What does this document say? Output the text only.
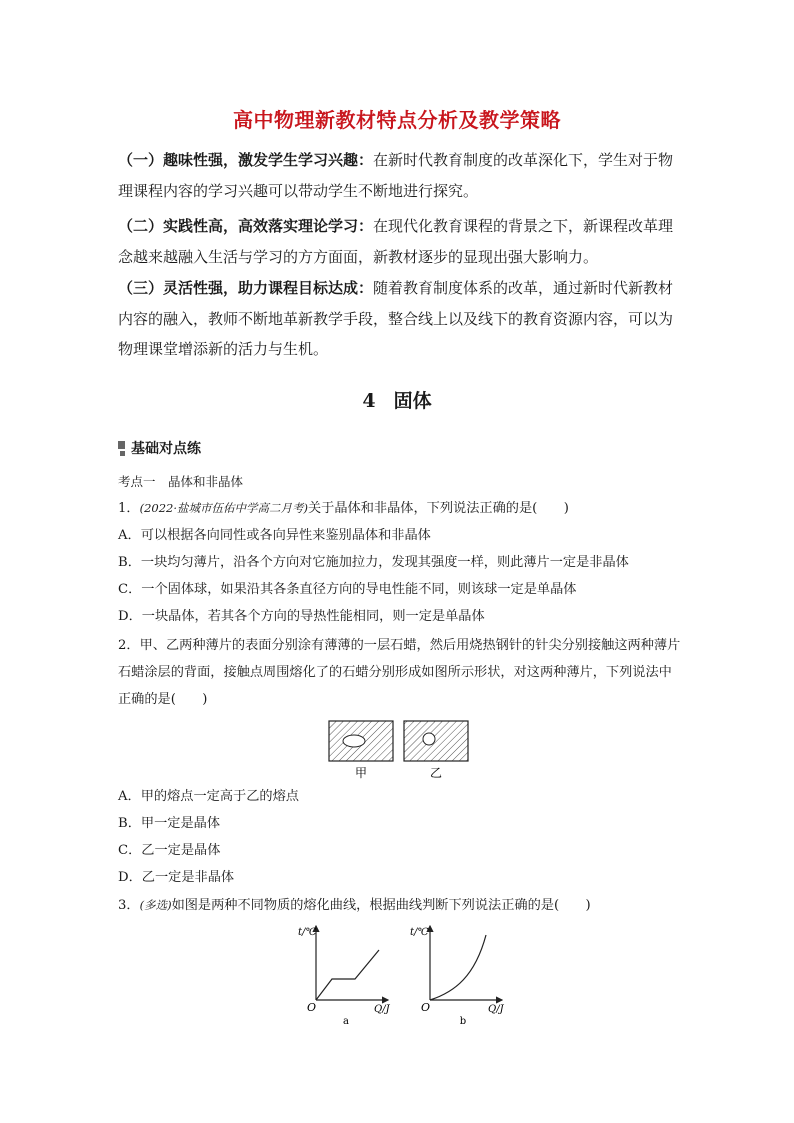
高中物理新教材特点分析及教学策略

（一）趣味性强，激发学生学习兴趣：在新时代教育制度的改革深化下，学生对于物理课程内容的学习兴趣可以带动学生不断地进行探究。

（二）实践性高，高效落实理论学习：在现代化教育课程的背景之下，新课程改革理念越来越融入生活与学习的方方面面，新教材逐步的显现出强大影响力。

（三）灵活性强，助力课程目标达成：随着教育制度体系的改革，通过新时代新教材内容的融入，教师不断地革新教学手段，整合线上以及线下的教育资源内容，可以为物理课堂增添新的活力与生机。

4 固体
基础对点练

考点一　晶体和非晶体

1．(2022·盐城市伍佑中学高二月考)关于晶体和非晶体，下列说法正确的是(　　)

A．可以根据各向同性或各向异性来鉴别晶体和非晶体

B．一块均匀薄片，沿各个方向对它施加拉力，发现其强度一样，则此薄片一定是非晶体

C．一个固体球，如果沿其各条直径方向的导电性能不同，则该球一定是单晶体

D．一块晶体，若其各个方向的导热性能相同，则一定是单晶体

2．甲、乙两种薄片的表面分别涂有薄薄的一层石蜡，然后用烧热钢针的针尖分别接触这两种薄片石蜡涂层的背面，接触点周围熔化了的石蜡分别形成如图所示形状，对这两种薄片，下列说法中正确的是(　　)

甲	乙

A．甲的熔点一定高于乙的熔点

B．甲一定是晶体

C．乙一定是晶体

D．乙一定是非晶体

3．(多选)如图是两种不同物质的熔化曲线，根据曲线判断下列说法正确的是(　　)

t/℃
Q/J
O
a
t/℃
Q/J
O
b
